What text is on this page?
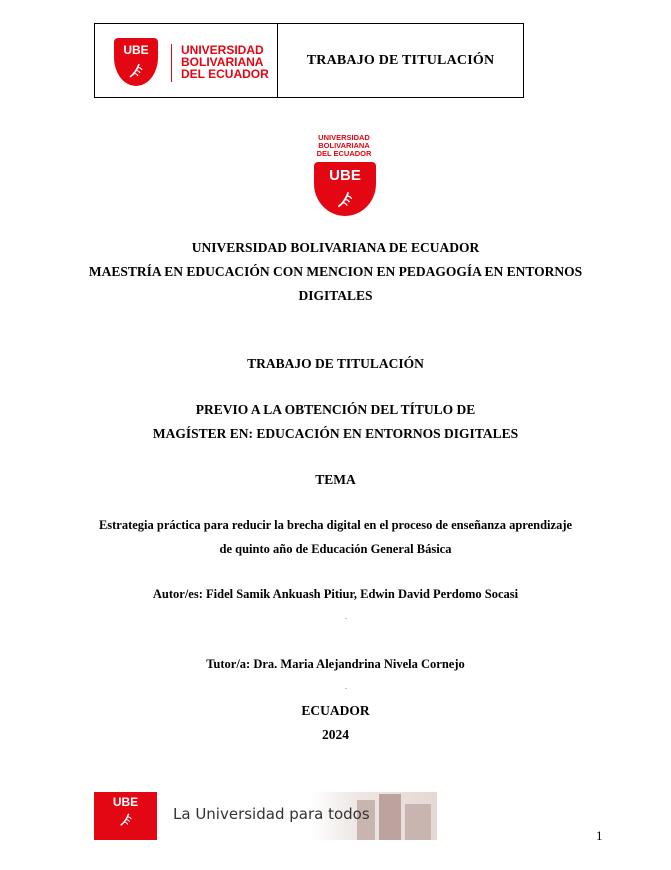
UBE	UNIVERSIDAD
BOLIVARIANA
DEL ECUADOR
TRABAJO DE TITULACIÓN
UNIVERSIDAD
BOLIVARIANA
DEL ECUADOR
UBE
UNIVERSIDAD BOLIVARIANA DE ECUADOR
MAESTRÍA EN EDUCACIÓN CON MENCION EN PEDAGOGÍA EN ENTORNOS
DIGITALES
TRABAJO DE TITULACIÓN
PREVIO A LA OBTENCIÓN DEL TÍTULO DE
MAGÍSTER EN: EDUCACIÓN EN ENTORNOS DIGITALES
TEMA
Estrategia práctica para reducir la brecha digital en el proceso de enseñanza aprendizaje
de quinto año de Educación General Básica
Autor/es: Fidel Samik Ankuash Pitiur, Edwin David Perdomo Socasi
.
Tutor/a: Dra. Maria Alejandrina Nivela Cornejo
.
ECUADOR
2024
UBE
La Universidad para todos
1
